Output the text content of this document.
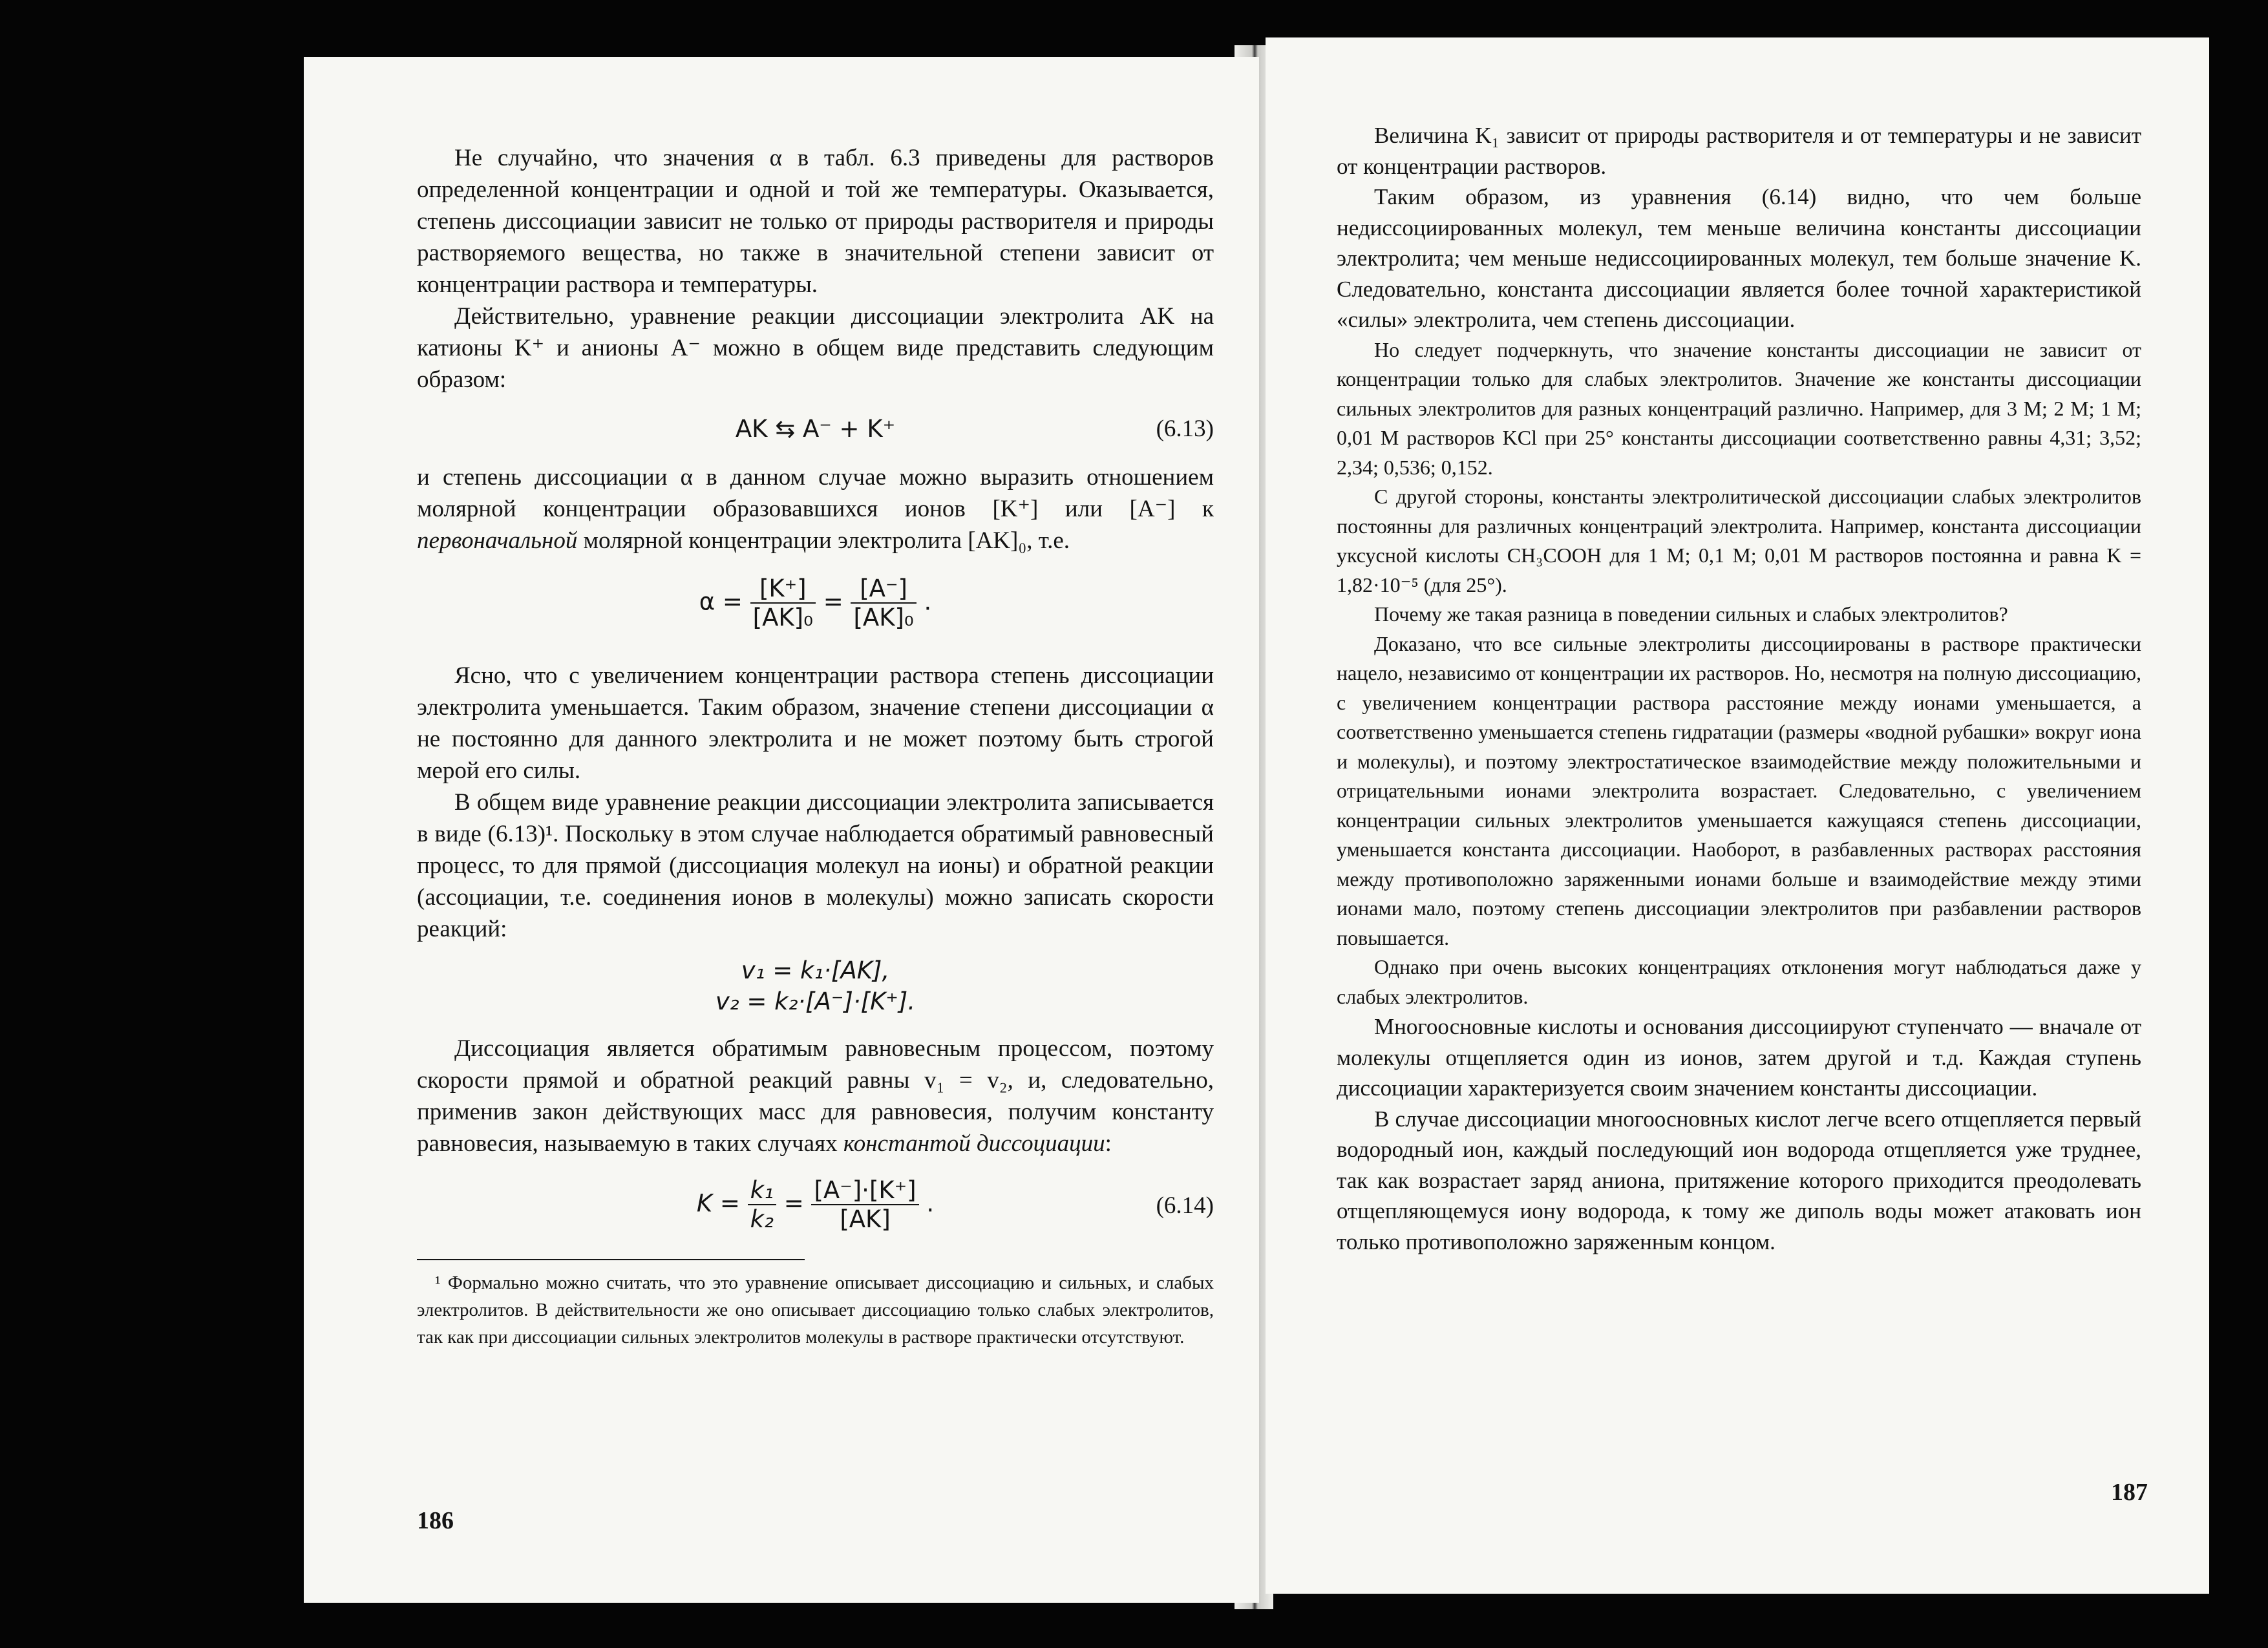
Не случайно, что значения α в табл. 6.3 приведены для растворов определенной концентрации и одной и той же температуры. Оказывается, степень диссоциации зависит не только от природы растворителя и природы растворяемого вещества, но также в значительной степени зависит от концентрации раствора и температуры.

Действительно, уравнение реакции диссоциации электролита AK на катионы K⁺ и анионы A⁻ можно в общем виде представить следующим образом:

AK ⇆ A⁻ + K⁺	(6.13)

и степень диссоциации α в данном случае можно выразить отношением молярной концентрации образовавшихся ионов [K⁺] или [A⁻] к первоначальной молярной концентрации электролита [AK]₀, т.е.

$\alpha = \frac{[K^+]}{\text{[AK]₀}} = \frac{[A^-]}{\text{[AK]₀}}$ .

Ясно, что с увеличением концентрации раствора степень диссоциации электролита уменьшается. Таким образом, значение степени диссоциации α не постоянно для данного электролита и не может поэтому быть строгой мерой его силы.

В общем виде уравнение реакции диссоциации электролита записывается в виде (6.13)¹. Поскольку в этом случае наблюдается обратимый равновесный процесс, то для прямой (диссоциация молекул на ионы) и обратной реакции (ассоциации, т.е. соединения ионов в молекулы) можно записать скорости реакций:

v₁ = k₁·[AK],
v₂ = k₂·[A⁻]·[K⁺].

Диссоциация является обратимым равновесным процессом, поэтому скорости прямой и обратной реакций равны v₁ = v₂, и, следовательно, применив закон действующих масс для равновесия, получим константу равновесия, называемую в таких случаях константой диссоциации:

$K = \frac{\text{k₁}}{\text{k₂}} = \frac{[A^-]\cdot[K^+]}{[AK]}$ .	(6.14)

¹ Формально можно считать, что это уравнение описывает диссоциацию и сильных, и слабых электролитов. В действительности же оно описывает диссоциацию только слабых электролитов, так как при диссоциации сильных электролитов молекулы в растворе практически отсутствуют.

186

Величина K₁ зависит от природы растворителя и от температуры и не зависит от концентрации растворов.

Таким образом, из уравнения (6.14) видно, что чем больше недиссоциированных молекул, тем меньше величина константы диссоциации электролита; чем меньше недиссоциированных молекул, тем больше значение K. Следовательно, константа диссоциации является более точной характеристикой «силы» электролита, чем степень диссоциации.

Но следует подчеркнуть, что значение константы диссоциации не зависит от концентрации только для слабых электролитов. Значение же константы диссоциации сильных электролитов для разных концентраций различно. Например, для 3 М; 2 М; 1 М; 0,01 М растворов KCl при 25° константы диссоциации соответственно равны 4,31; 3,52; 2,34; 0,536; 0,152.

С другой стороны, константы электролитической диссоциации слабых электролитов постоянны для различных концентраций электролита. Например, константа диссоциации уксусной кислоты CH₃COOH для 1 М; 0,1 М; 0,01 М растворов постоянна и равна K = 1,82·10⁻⁵ (для 25°).

Почему же такая разница в поведении сильных и слабых электролитов?

Доказано, что все сильные электролиты диссоциированы в растворе практически нацело, независимо от концентрации их растворов. Но, несмотря на полную диссоциацию, с увеличением концентрации раствора расстояние между ионами уменьшается, а соответственно уменьшается степень гидратации (размеры «водной рубашки» вокруг иона и молекулы), и поэтому электростатическое взаимодействие между положительными и отрицательными ионами электролита возрастает. Следовательно, с увеличением концентрации сильных электролитов уменьшается кажущаяся степень диссоциации, уменьшается константа диссоциации. Наоборот, в разбавленных растворах расстояния между противоположно заряженными ионами больше и взаимодействие между этими ионами мало, поэтому степень диссоциации электролитов при разбавлении растворов повышается.

Однако при очень высоких концентрациях отклонения могут наблюдаться даже у слабых электролитов.

Многоосновные кислоты и основания диссоциируют ступенчато — вначале от молекулы отщепляется один из ионов, затем другой и т.д. Каждая ступень диссоциации характеризуется своим значением константы диссоциации.

В случае диссоциации многоосновных кислот легче всего отщепляется первый водородный ион, каждый последующий ион водорода отщепляется уже труднее, так как возрастает заряд аниона, притяжение которого приходится преодолевать отщепляющемуся иону водорода, к тому же диполь воды может атаковать ион только противоположно заряженным концом.

187
